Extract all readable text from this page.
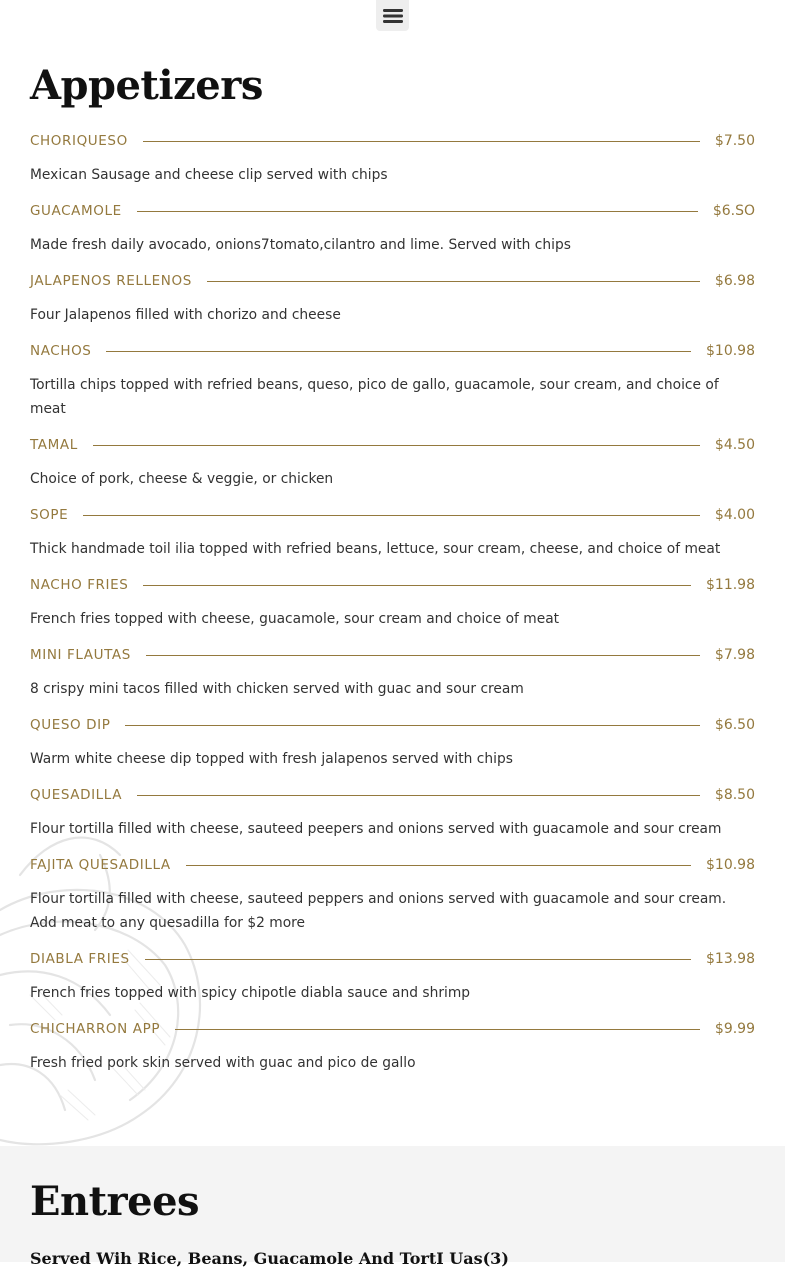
Appetizers
CHORIQUESO	$7.50
Mexican Sausage and cheese clip served with chips
GUACAMOLE	$6.SO
Made fresh daily avocado, onions7tomato,cilantro and lime. Served with chips
JALAPENOS RELLENOS	$6.98
Four Jalapenos filled with chorizo and cheese
NACHOS	$10.98
Tortilla chips topped with refried beans, queso, pico de gallo, guacamole, sour cream, and choice of meat
TAMAL	$4.50
Choice of pork, cheese & veggie, or chicken
SOPE	$4.00
Thick handmade toil ilia topped with refried beans, lettuce, sour cream, cheese, and choice of meat
NACHO FRIES	$11.98
French fries topped with cheese, guacamole, sour cream and choice of meat
MINI FLAUTAS	$7.98
8 crispy mini tacos filled with chicken served with guac and sour cream
QUESO DIP	$6.50
Warm white cheese dip topped with fresh jalapenos served with chips
QUESADILLA	$8.50
Flour tortilla filled with cheese, sauteed peepers and onions served with guacamole and sour cream
FAJITA QUESADILLA	$10.98
Flour tortilla filled with cheese, sauteed peppers and onions served with guacamole and sour cream.
Add meat to any quesadilla for $2 more
DIABLA FRIES	$13.98
French fries topped with spicy chipotle diabla sauce and shrimp
CHICHARRON APP	$9.99
Fresh fried pork skin served with guac and pico de gallo
Entrees
Served Wih Rice, Beans, Guacamole And TortI Uas(3)
